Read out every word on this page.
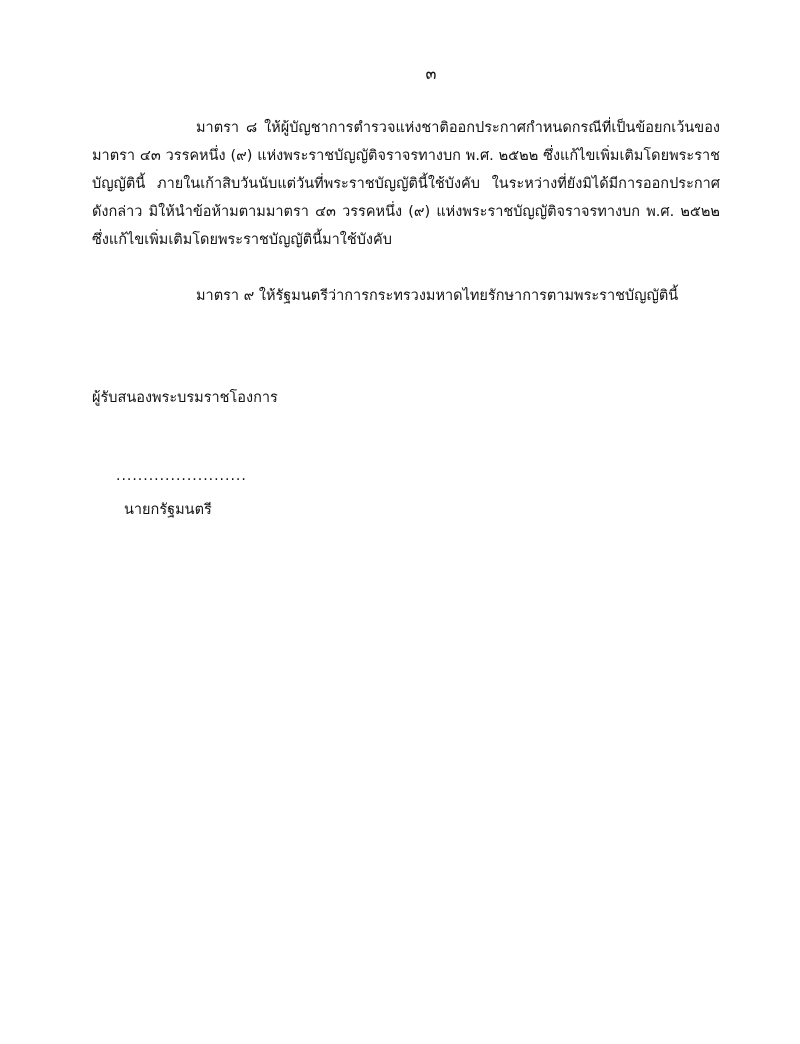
๓
มาตรา ๘ ให้ผู้บัญชาการตำรวจแห่งชาติออกประกาศกำหนดกรณีที่เป็นข้อยกเว้นของ
มาตรา ๔๓ วรรคหนึ่ง (๙) แห่งพระราชบัญญัติจราจรทางบก พ.ศ. ๒๕๒๒ ซึ่งแก้ไขเพิ่มเติมโดยพระราช
บัญญัตินี้ ภายในเก้าสิบวันนับแต่วันที่พระราชบัญญัตินี้ใช้บังคับ ในระหว่างที่ยังมิได้มีการออกประกาศ
ดังกล่าว มิให้นำข้อห้ามตามมาตรา ๔๓ วรรคหนึ่ง (๙) แห่งพระราชบัญญัติจราจรทางบก พ.ศ. ๒๕๒๒
ซึ่งแก้ไขเพิ่มเติมโดยพระราชบัญญัตินี้มาใช้บังคับ
มาตรา ๙ ให้รัฐมนตรีว่าการกระทรวงมหาดไทยรักษาการตามพระราชบัญญัตินี้
ผู้รับสนองพระบรมราชโองการ
........................
นายกรัฐมนตรี
